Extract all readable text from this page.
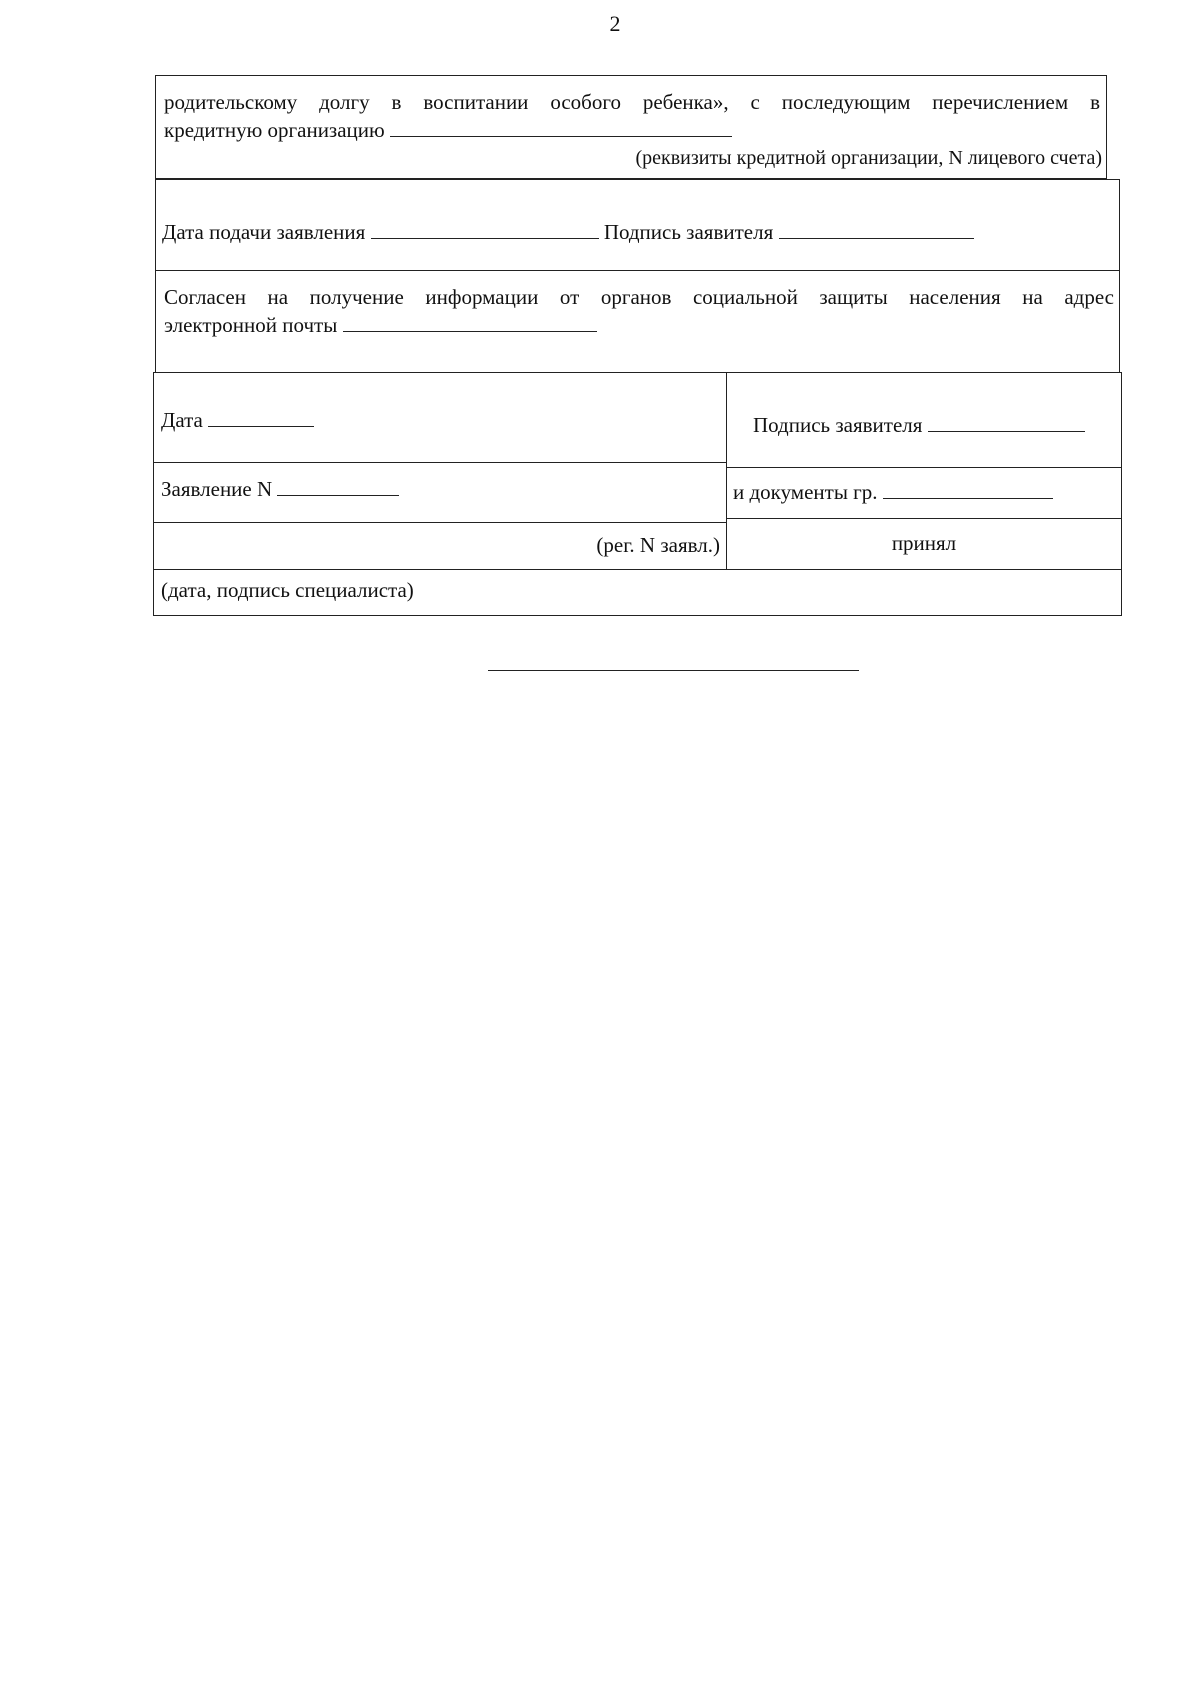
2
родительскому долгу в воспитании особого ребенка», с последующим перечислением в
кредитную организацию
(реквизиты кредитной организации, N лицевого счета)
Дата подачи заявления	Подпись заявителя
Согласен на получение информации от органов социальной защиты населения на адрес
электронной почты
Дата	Подпись заявителя
Заявление N	и документы гр.
(рег. N заявл.)	принял
(дата, подпись специалиста)
